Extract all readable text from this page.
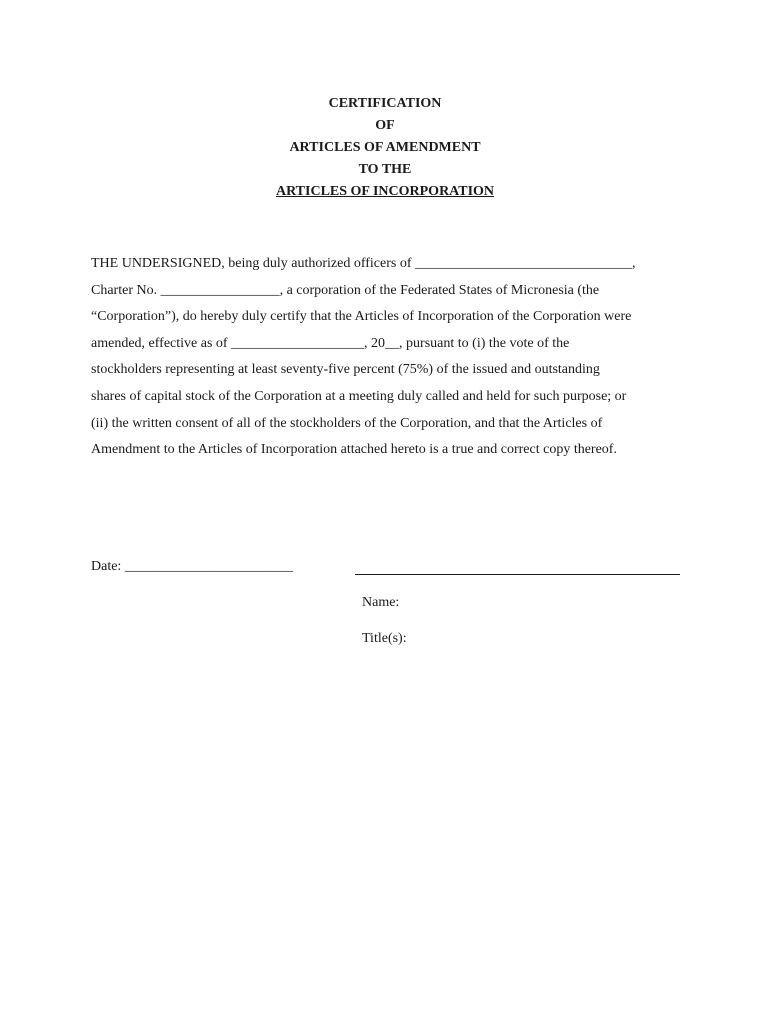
CERTIFICATION
OF
ARTICLES OF AMENDMENT
TO THE
ARTICLES OF INCORPORATION
THE UNDERSIGNED, being duly authorized officers of _______________________________,
Charter No. _________________, a corporation of the Federated States of Micronesia (the
“Corporation”), do hereby duly certify that the Articles of Incorporation of the Corporation were
amended, effective as of ___________________, 20__, pursuant to (i) the vote of the
stockholders representing at least seventy-five percent (75%) of the issued and outstanding
shares of capital stock of the Corporation at a meeting duly called and held for such purpose; or
(ii) the written consent of all of the stockholders of the Corporation, and that the Articles of
Amendment to the Articles of Incorporation attached hereto is a true and correct copy thereof.
Date: ________________________
Name:
Title(s):
